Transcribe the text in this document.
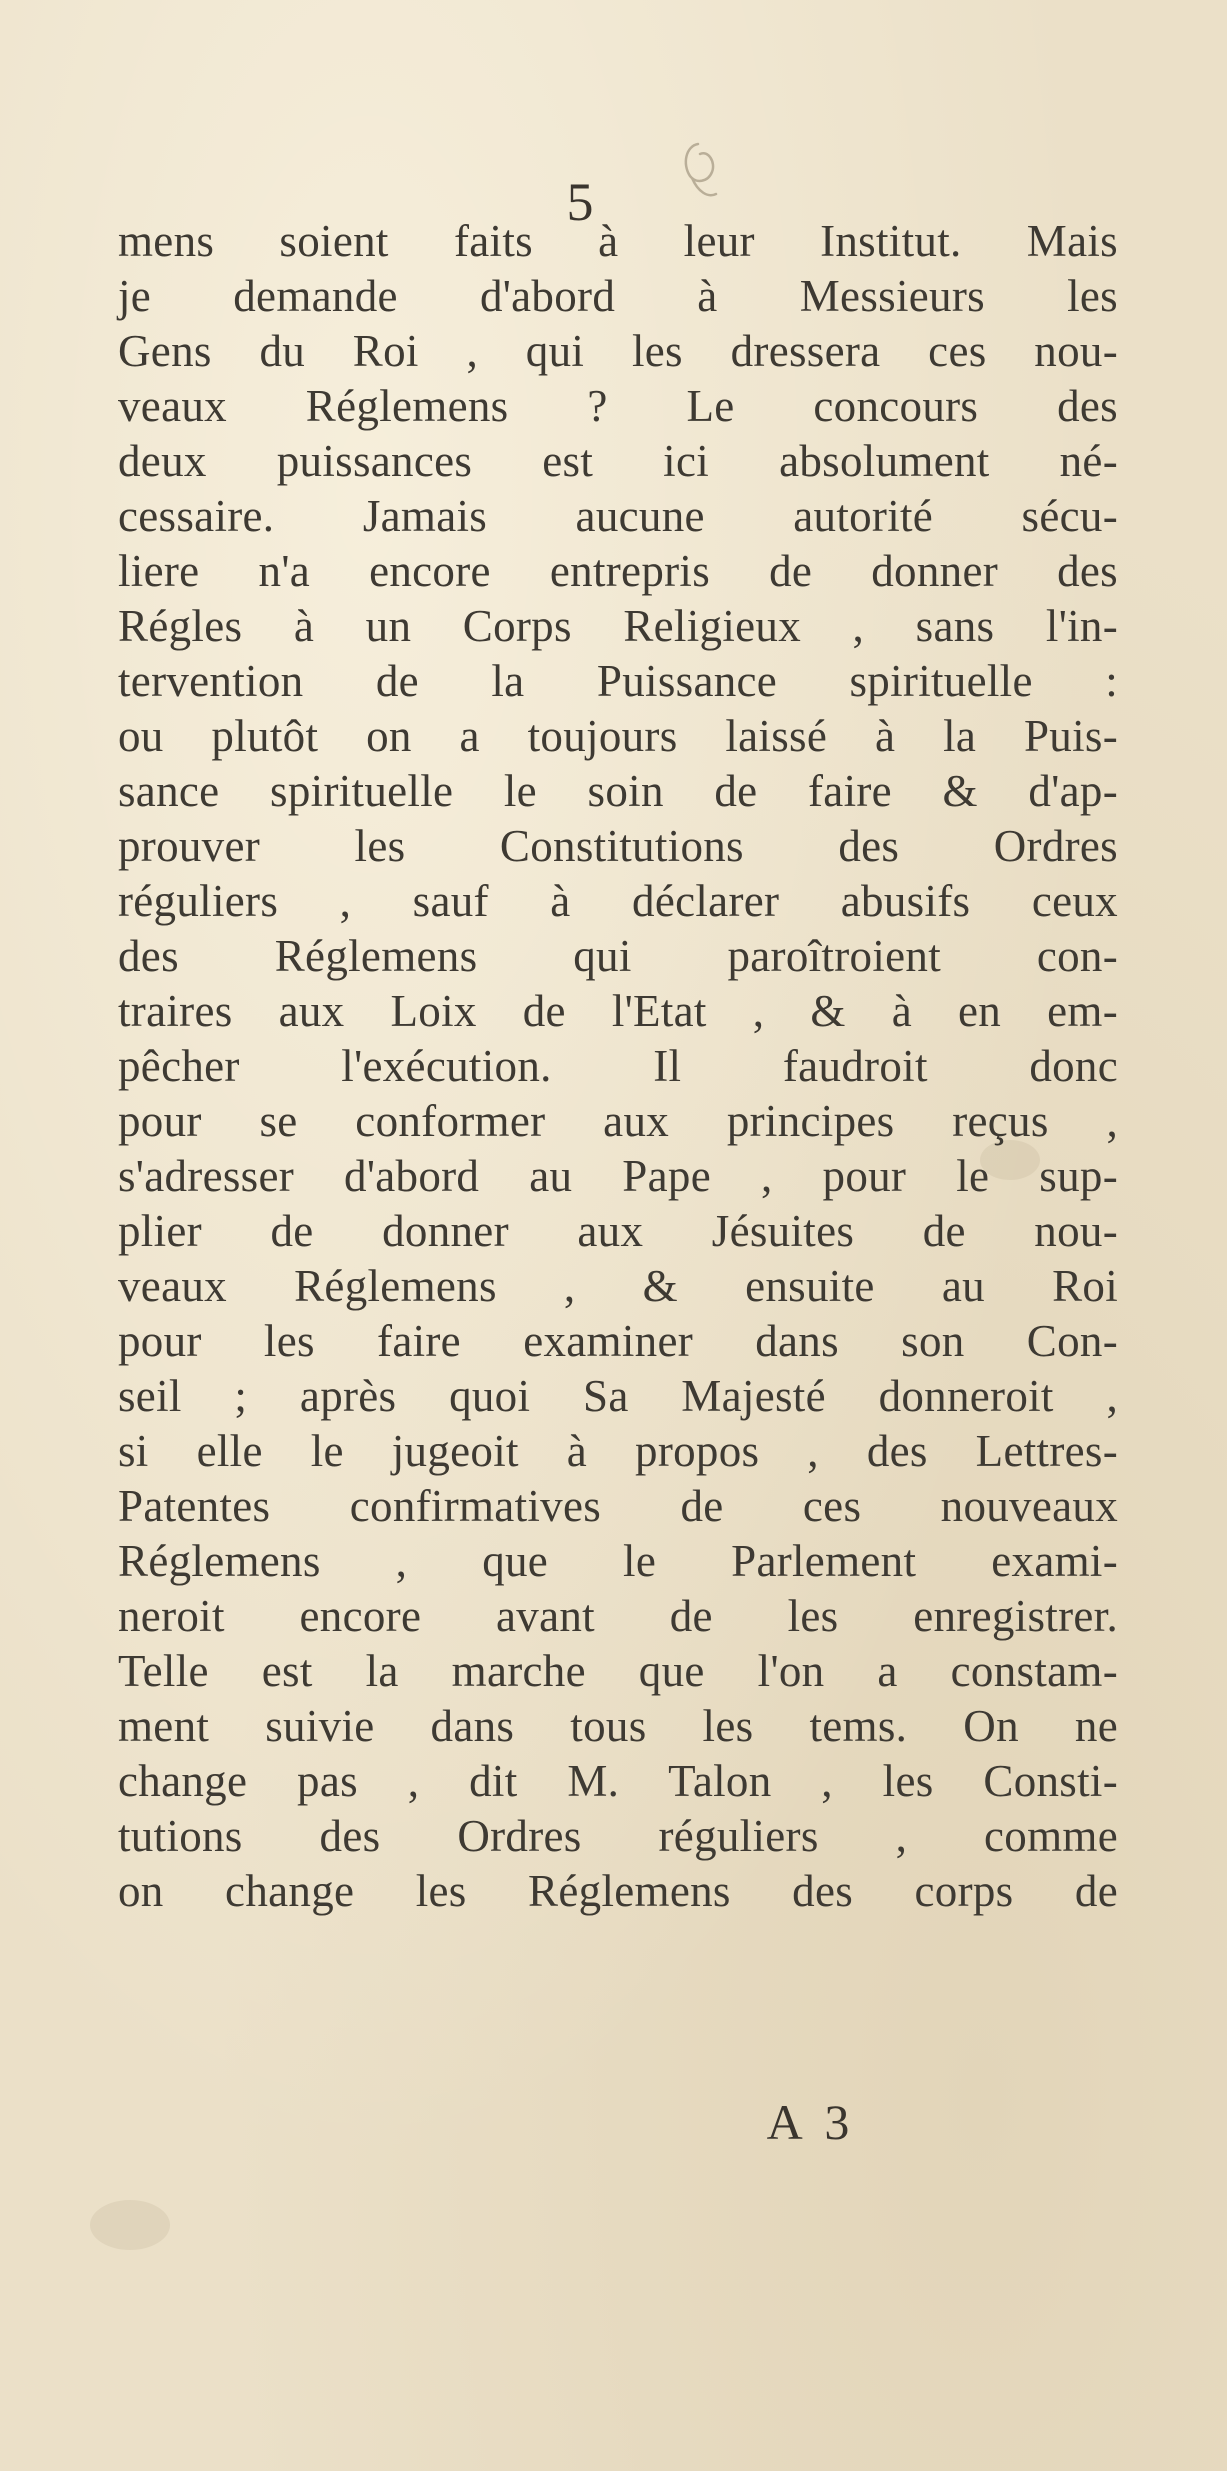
5
mens soient faits à leur Institut. Mais
je demande d'abord à Messieurs les
Gens du Roi , qui les dressera ces nou-
veaux Réglemens ? Le concours des
deux puissances est ici absolument né-
cessaire. Jamais aucune autorité sécu-
liere n'a encore entrepris de donner des
Régles à un Corps Religieux , sans l'in-
tervention de la Puissance spirituelle :
ou plutôt on a toujours laissé à la Puis-
sance spirituelle le soin de faire & d'ap-
prouver les Constitutions des Ordres
réguliers , sauf à déclarer abusifs ceux
des Réglemens qui paroîtroient con-
traires aux Loix de l'Etat , & à en em-
pêcher l'exécution. Il faudroit donc
pour se conformer aux principes reçus ,
s'adresser d'abord au Pape , pour le sup-
plier de donner aux Jésuites de nou-
veaux Réglemens , & ensuite au Roi
pour les faire examiner dans son Con-
seil ; après quoi Sa Majesté donneroit ,
si elle le jugeoit à propos , des Lettres-
Patentes confirmatives de ces nouveaux
Réglemens , que le Parlement exami-
neroit encore avant de les enregistrer.
Telle est la marche que l'on a constam-
ment suivie dans tous les tems. On ne
change pas , dit M. Talon , les Consti-
tutions des Ordres réguliers , comme
on change les Réglemens des corps de
A 3
